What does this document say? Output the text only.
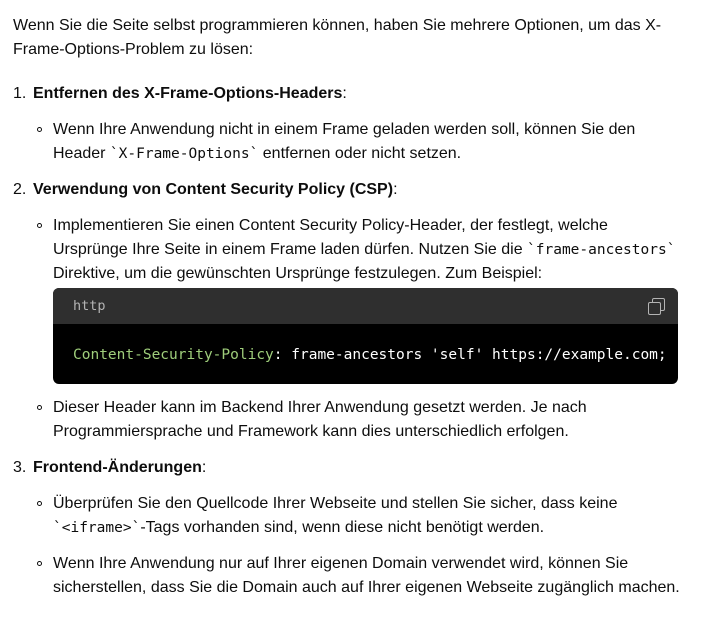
Wenn Sie die Seite selbst programmieren können, haben Sie mehrere Optionen, um das X-Frame-Options-Problem zu lösen:

1. Entfernen des X-Frame-Options-Headers:

Wenn Ihre Anwendung nicht in einem Frame geladen werden soll, können Sie den Header `X-Frame-Options` entfernen oder nicht setzen.
2. Verwendung von Content Security Policy (CSP):

Implementieren Sie einen Content Security Policy-Header, der festlegt, welche Ursprünge Ihre Seite in einem Frame laden dürfen. Nutzen Sie die `frame-ancestors` Direktive, um die gewünschten Ursprünge festzulegen. Zum Beispiel:
http
Content-Security-Policy: frame-ancestors 'self' https://example.com;
Dieser Header kann im Backend Ihrer Anwendung gesetzt werden. Je nach Programmiersprache und Framework kann dies unterschiedlich erfolgen.
3. Frontend-Änderungen:

Überprüfen Sie den Quellcode Ihrer Webseite und stellen Sie sicher, dass keine `<iframe>`-Tags vorhanden sind, wenn diese nicht benötigt werden.
Wenn Ihre Anwendung nur auf Ihrer eigenen Domain verwendet wird, können Sie sicherstellen, dass Sie die Domain auch auf Ihrer eigenen Webseite zugänglich machen.
